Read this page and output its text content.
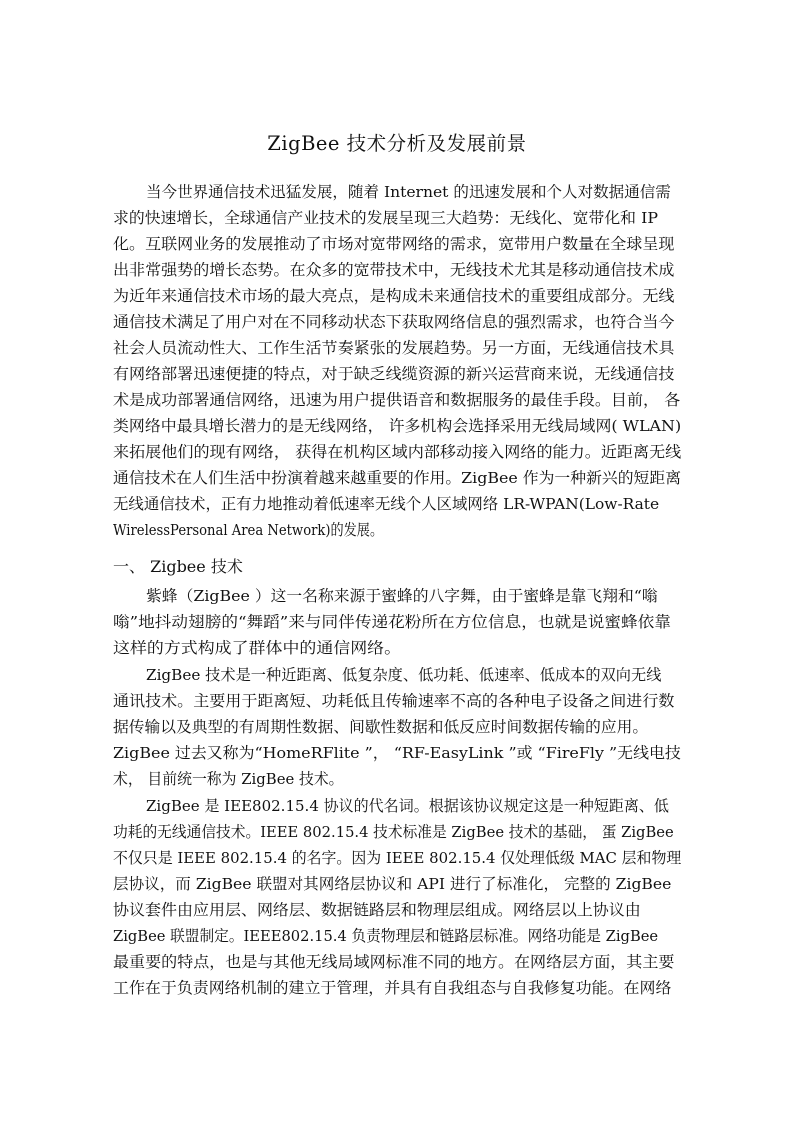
ZigBee 技术分析及发展前景
当今世界通信技术迅猛发展，随着 Internet 的迅速发展和个人对数据通信需
求的快速增长，全球通信产业技术的发展呈现三大趋势：无线化、宽带化和 IP
化。互联网业务的发展推动了市场对宽带网络的需求，宽带用户数量在全球呈现
出非常强势的增长态势。在众多的宽带技术中，无线技术尤其是移动通信技术成
为近年来通信技术市场的最大亮点，是构成未来通信技术的重要组成部分。无线
通信技术满足了用户对在不同移动状态下获取网络信息的强烈需求，也符合当今
社会人员流动性大、工作生活节奏紧张的发展趋势。另一方面，无线通信技术具
有网络部署迅速便捷的特点，对于缺乏线缆资源的新兴运营商来说，无线通信技
术是成功部署通信网络，迅速为用户提供语音和数据服务的最佳手段。目前， 各
类网络中最具增长潜力的是无线网络， 许多机构会选择采用无线局域网( WLAN)
来拓展他们的现有网络， 获得在机构区域内部移动接入网络的能力。近距离无线
通信技术在人们生活中扮演着越来越重要的作用。ZigBee 作为一种新兴的短距离
无线通信技术，正有力地推动着低速率无线个人区域网络 LR-WPAN(Low-Rate
WirelessPersonal Area Network)的发展。
一、 Zigbee 技术
紫蜂（ZigBee ）这一名称来源于蜜蜂的八字舞，由于蜜蜂是靠飞翔和“嗡
嗡”地抖动翅膀的“舞蹈”来与同伴传递花粉所在方位信息，也就是说蜜蜂依靠
这样的方式构成了群体中的通信网络。
ZigBee 技术是一种近距离、低复杂度、低功耗、低速率、低成本的双向无线
通讯技术。主要用于距离短、功耗低且传输速率不高的各种电子设备之间进行数
据传输以及典型的有周期性数据、间歇性数据和低反应时间数据传输的应用。
ZigBee 过去又称为“HomeRFlite ”， “RF-EasyLink ”或 “FireFly ”无线电技
术， 目前统一称为 ZigBee 技术。
ZigBee 是 IEE802.15.4 协议的代名词。根据该协议规定这是一种短距离、低
功耗的无线通信技术。IEEE 802.15.4 技术标准是 ZigBee 技术的基础， 蛋 ZigBee
不仅只是 IEEE 802.15.4 的名字。因为 IEEE 802.15.4 仅处理低级 MAC 层和物理
层协议，而 ZigBee 联盟对其网络层协议和 API 进行了标准化， 完整的 ZigBee
协议套件由应用层、网络层、数据链路层和物理层组成。网络层以上协议由
ZigBee 联盟制定。IEEE802.15.4 负责物理层和链路层标准。网络功能是 ZigBee
最重要的特点，也是与其他无线局域网标准不同的地方。在网络层方面，其主要
工作在于负责网络机制的建立于管理，并具有自我组态与自我修复功能。在网络
